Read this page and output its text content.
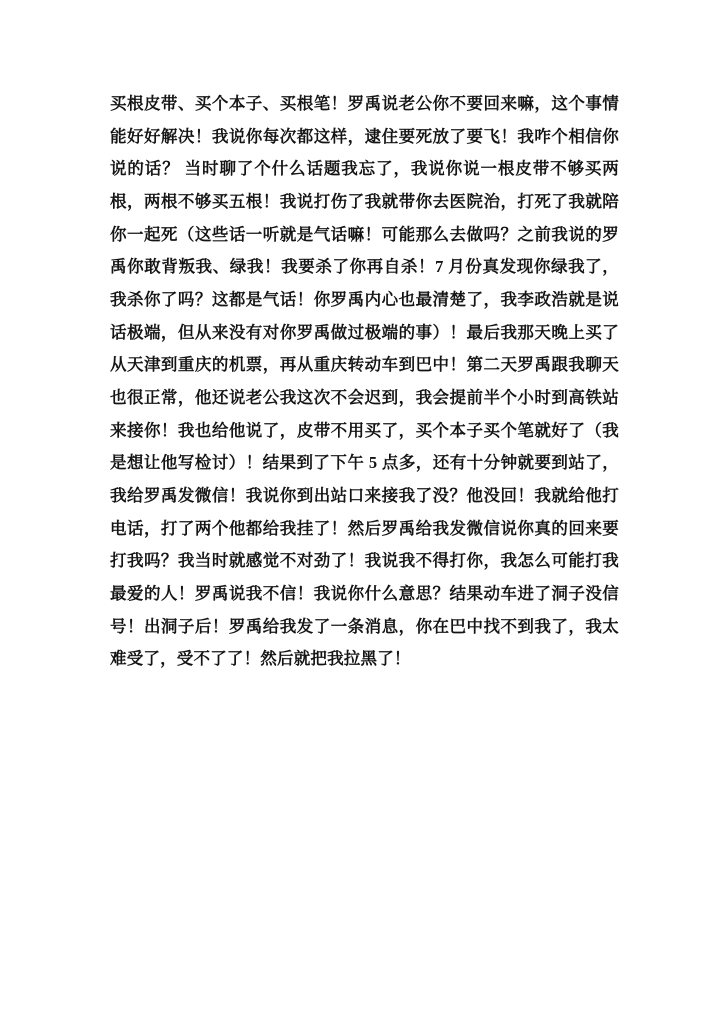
买根皮带、买个本子、买根笔！罗禹说老公你不要回来嘛，这个事情能好好解决！我说你每次都这样，逮住要死放了要飞！我咋个相信你说的话？ 当时聊了个什么话题我忘了，我说你说一根皮带不够买两根，两根不够买五根！我说打伤了我就带你去医院治，打死了我就陪你一起死（这些话一听就是气话嘛！可能那么去做吗？之前我说的罗禹你敢背叛我、绿我！我要杀了你再自杀！7 月份真发现你绿我了，我杀你了吗？这都是气话！你罗禹内心也最清楚了，我李政浩就是说话极端，但从来没有对你罗禹做过极端的事）！最后我那天晚上买了从天津到重庆的机票，再从重庆转动车到巴中！第二天罗禹跟我聊天也很正常，他还说老公我这次不会迟到，我会提前半个小时到高铁站来接你！我也给他说了，皮带不用买了，买个本子买个笔就好了（我是想让他写检讨）！结果到了下午 5 点多，还有十分钟就要到站了，我给罗禹发微信！我说你到出站口来接我了没？他没回！我就给他打电话，打了两个他都给我挂了！然后罗禹给我发微信说你真的回来要打我吗？我当时就感觉不对劲了！我说我不得打你，我怎么可能打我最爱的人！罗禹说我不信！我说你什么意思？结果动车进了洞子没信号！出洞子后！罗禹给我发了一条消息，你在巴中找不到我了，我太难受了，受不了了！然后就把我拉黑了！
